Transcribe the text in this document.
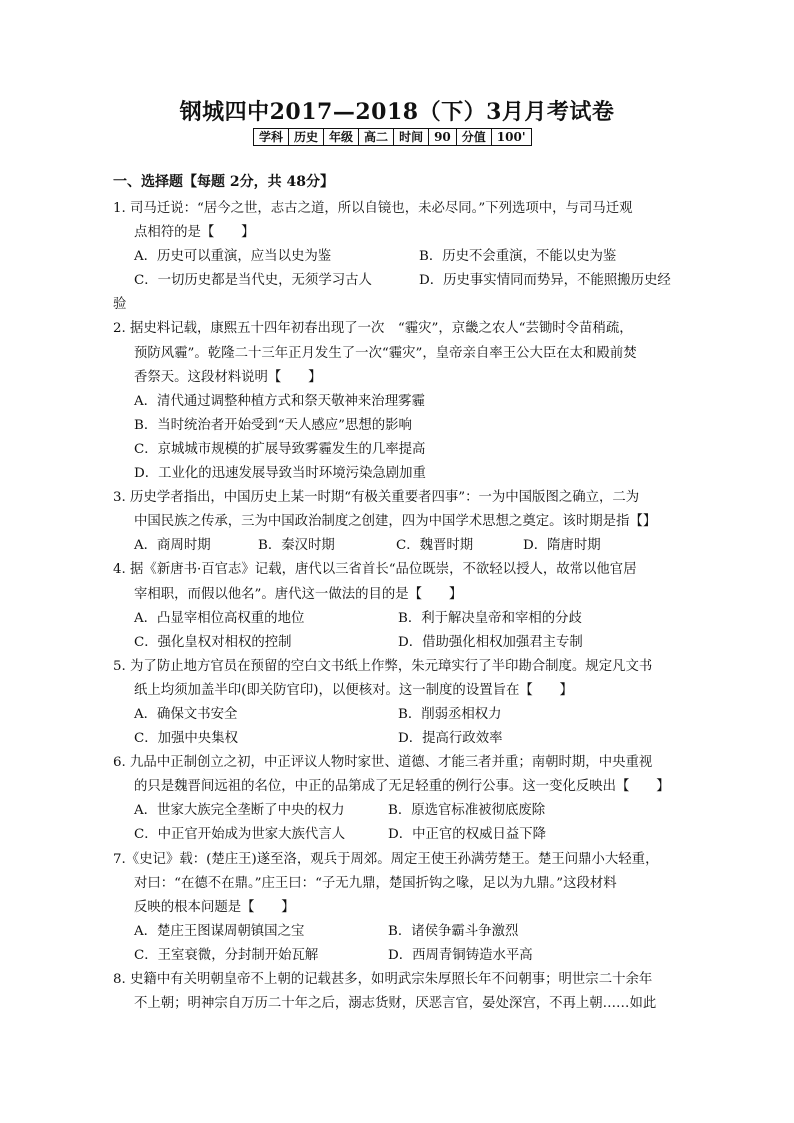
钢城四中2017—2018（下）3月月考试卷
学科	历史	年级	高二	时间	90	分值	100'
一、选择题【每题 2分，共 48分】
1. 司马迁说：“居今之世，志古之道，所以自镜也，未必尽同。”下列选项中，与司马迁观
点相符的是【　　】
A．历史可以重演，应当以史为鉴	B．历史不会重演，不能以史为鉴
C．一切历史都是当代史，无须学习古人	D．历史事实情同而势异，不能照搬历史经
验
2. 据史料记载，康熙五十四年初春出现了一次　“霾灾”，京畿之农人“芸锄时令苗稍疏，
预防风霾”。乾隆二十三年正月发生了一次“霾灾”，皇帝亲自率王公大臣在太和殿前焚
香祭天。这段材料说明【　　】
A．清代通过调整种植方式和祭天敬神来治理雾霾
B．当时统治者开始受到“天人感应”思想的影响
C．京城城市规模的扩展导致雾霾发生的几率提高
D．工业化的迅速发展导致当时环境污染急剧加重
3. 历史学者指出，中国历史上某一时期“有极关重要者四事”：一为中国版图之确立，二为
中国民族之传承，三为中国政治制度之创建，四为中国学术思想之奠定。该时期是指【】
A．商周时期	B．秦汉时期	C．魏晋时期	D．隋唐时期
4. 据《新唐书·百官志》记载，唐代以三省首长“品位既崇，不欲轻以授人，故常以他官居
宰相职，而假以他名”。唐代这一做法的目的是【　　】
A．凸显宰相位高权重的地位	B．利于解决皇帝和宰相的分歧
C．强化皇权对相权的控制	D．借助强化相权加强君主专制
5. 为了防止地方官员在预留的空白文书纸上作弊，朱元璋实行了半印勘合制度。规定凡文书
纸上均须加盖半印(即关防官印)，以便核对。这一制度的设置旨在【　　】
A．确保文书安全	B．削弱丞相权力
C．加强中央集权	D．提高行政效率
6. 九品中正制创立之初，中正评议人物时家世、道德、才能三者并重；南朝时期，中央重视
的只是魏晋间远祖的名位，中正的品第成了无足轻重的例行公事。这一变化反映出【　　】
A．世家大族完全垄断了中央的权力	B．原选官标准被彻底废除
C．中正官开始成为世家大族代言人	D．中正官的权威日益下降
7.《史记》载：(楚庄王)遂至洛，观兵于周郊。周定王使王孙满劳楚王。楚王问鼎小大轻重，
对曰：“在德不在鼎。”庄王曰：“子无九鼎，楚国折钩之喙，足以为九鼎。”这段材料
反映的根本问题是【　　】
A．楚庄王图谋周朝镇国之宝	B．诸侯争霸斗争激烈
C．王室衰微，分封制开始瓦解	D．西周青铜铸造水平高
8. 史籍中有关明朝皇帝不上朝的记载甚多，如明武宗朱厚照长年不问朝事；明世宗二十余年
不上朝；明神宗自万历二十年之后，溺志货财，厌恶言官，晏处深宫，不再上朝……如此
